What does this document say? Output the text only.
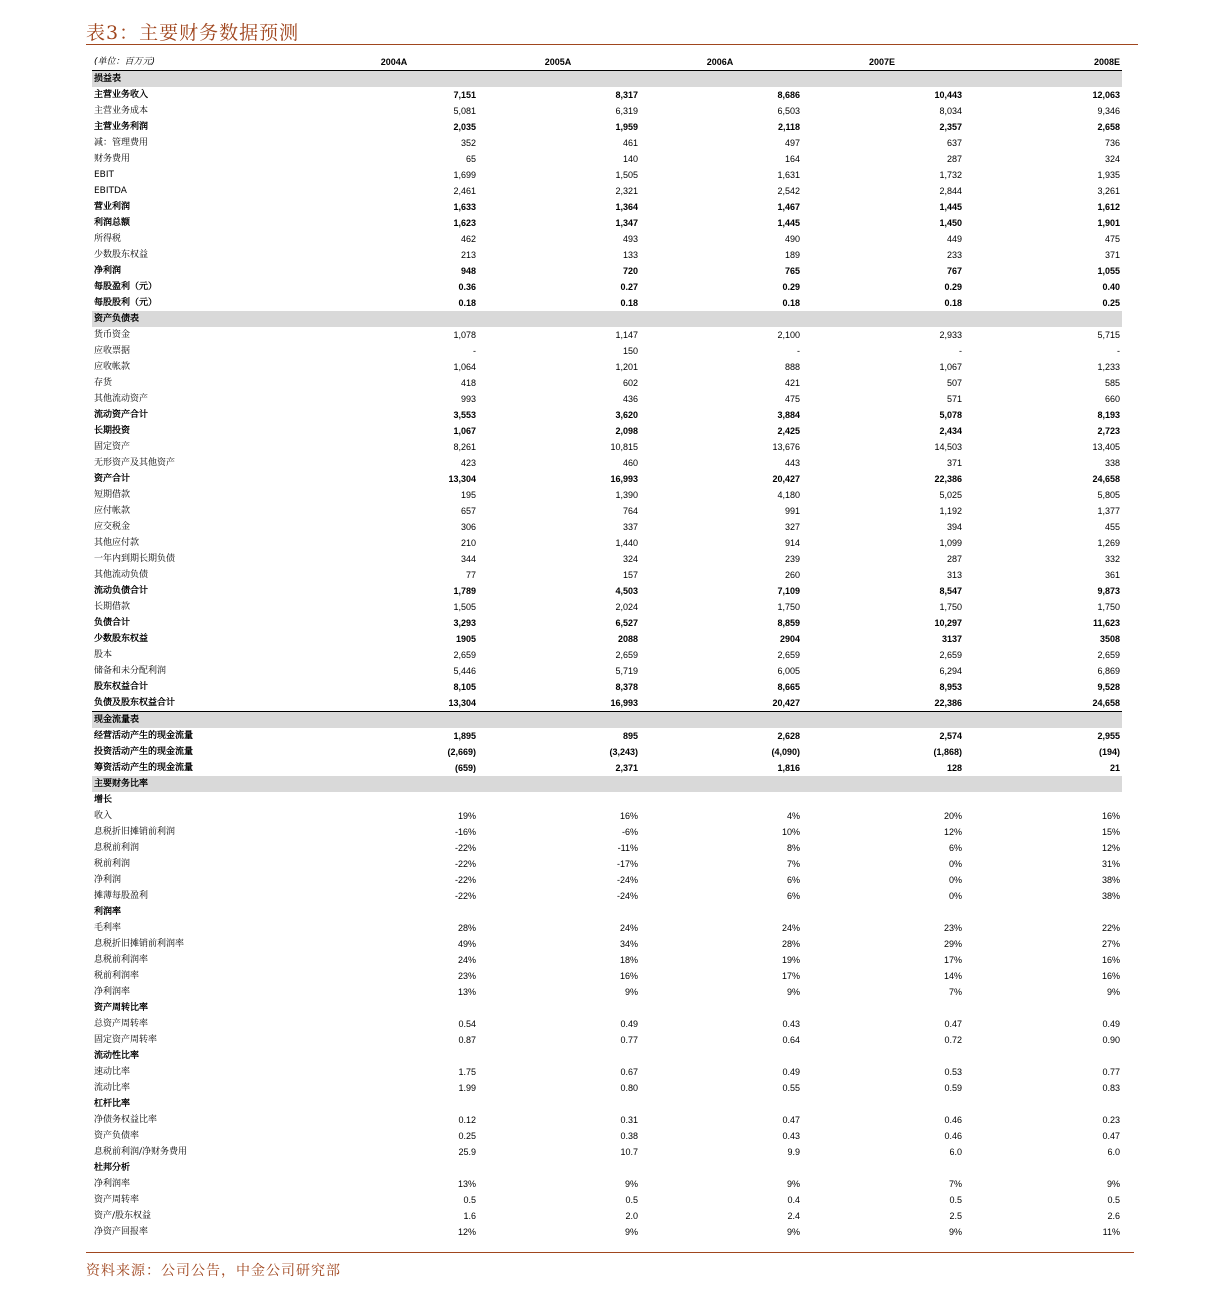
表3：主要财务数据预测
(单位：百万元)	2004A	2005A	2006A	2007E	2008E
损益表					
主营业务收入	7,151	8,317	8,686	10,443	12,063
主营业务成本	5,081	6,319	6,503	8,034	9,346
主营业务利润	2,035	1,959	2,118	2,357	2,658
减：管理费用	352	461	497	637	736
财务费用	65	140	164	287	324
EBIT	1,699	1,505	1,631	1,732	1,935
EBITDA	2,461	2,321	2,542	2,844	3,261
营业利润	1,633	1,364	1,467	1,445	1,612
利润总额	1,623	1,347	1,445	1,450	1,901
所得税	462	493	490	449	475
少数股东权益	213	133	189	233	371
净利润	948	720	765	767	1,055
每股盈利（元）	0.36	0.27	0.29	0.29	0.40
每股股利（元）	0.18	0.18	0.18	0.18	0.25
资产负债表					
货币资金	1,078	1,147	2,100	2,933	5,715
应收票据	-	150	-	-	-
应收帐款	1,064	1,201	888	1,067	1,233
存货	418	602	421	507	585
其他流动资产	993	436	475	571	660
流动资产合计	3,553	3,620	3,884	5,078	8,193
长期投资	1,067	2,098	2,425	2,434	2,723
固定资产	8,261	10,815	13,676	14,503	13,405
无形资产及其他资产	423	460	443	371	338
资产合计	13,304	16,993	20,427	22,386	24,658
短期借款	195	1,390	4,180	5,025	5,805
应付帐款	657	764	991	1,192	1,377
应交税金	306	337	327	394	455
其他应付款	210	1,440	914	1,099	1,269
一年内到期长期负债	344	324	239	287	332
其他流动负债	77	157	260	313	361
流动负债合计	1,789	4,503	7,109	8,547	9,873
长期借款	1,505	2,024	1,750	1,750	1,750
负债合计	3,293	6,527	8,859	10,297	11,623
少数股东权益	1905	2088	2904	3137	3508
股本	2,659	2,659	2,659	2,659	2,659
储备和未分配利润	5,446	5,719	6,005	6,294	6,869
股东权益合计	8,105	8,378	8,665	8,953	9,528
负债及股东权益合计	13,304	16,993	20,427	22,386	24,658
现金流量表					
经营活动产生的现金流量	1,895	895	2,628	2,574	2,955
投资活动产生的现金流量	(2,669)	(3,243)	(4,090)	(1,868)	(194)
筹资活动产生的现金流量	(659)	2,371	1,816	128	21
主要财务比率					
增长					
收入	19%	16%	4%	20%	16%
息税折旧摊销前利润	-16%	-6%	10%	12%	15%
息税前利润	-22%	-11%	8%	6%	12%
税前利润	-22%	-17%	7%	0%	31%
净利润	-22%	-24%	6%	0%	38%
摊薄每股盈利	-22%	-24%	6%	0%	38%
利润率					
毛利率	28%	24%	24%	23%	22%
息税折旧摊销前利润率	49%	34%	28%	29%	27%
息税前利润率	24%	18%	19%	17%	16%
税前利润率	23%	16%	17%	14%	16%
净利润率	13%	9%	9%	7%	9%
资产周转比率					
总资产周转率	0.54	0.49	0.43	0.47	0.49
固定资产周转率	0.87	0.77	0.64	0.72	0.90
流动性比率					
速动比率	1.75	0.67	0.49	0.53	0.77
流动比率	1.99	0.80	0.55	0.59	0.83
杠杆比率					
净债务权益比率	0.12	0.31	0.47	0.46	0.23
资产负债率	0.25	0.38	0.43	0.46	0.47
息税前利润/净财务费用	25.9	10.7	9.9	6.0	6.0
杜邦分析					
净利润率	13%	9%	9%	7%	9%
资产周转率	0.5	0.5	0.4	0.5	0.5
资产/股东权益	1.6	2.0	2.4	2.5	2.6
净资产回报率	12%	9%	9%	9%	11%
资料来源：公司公告，中金公司研究部
